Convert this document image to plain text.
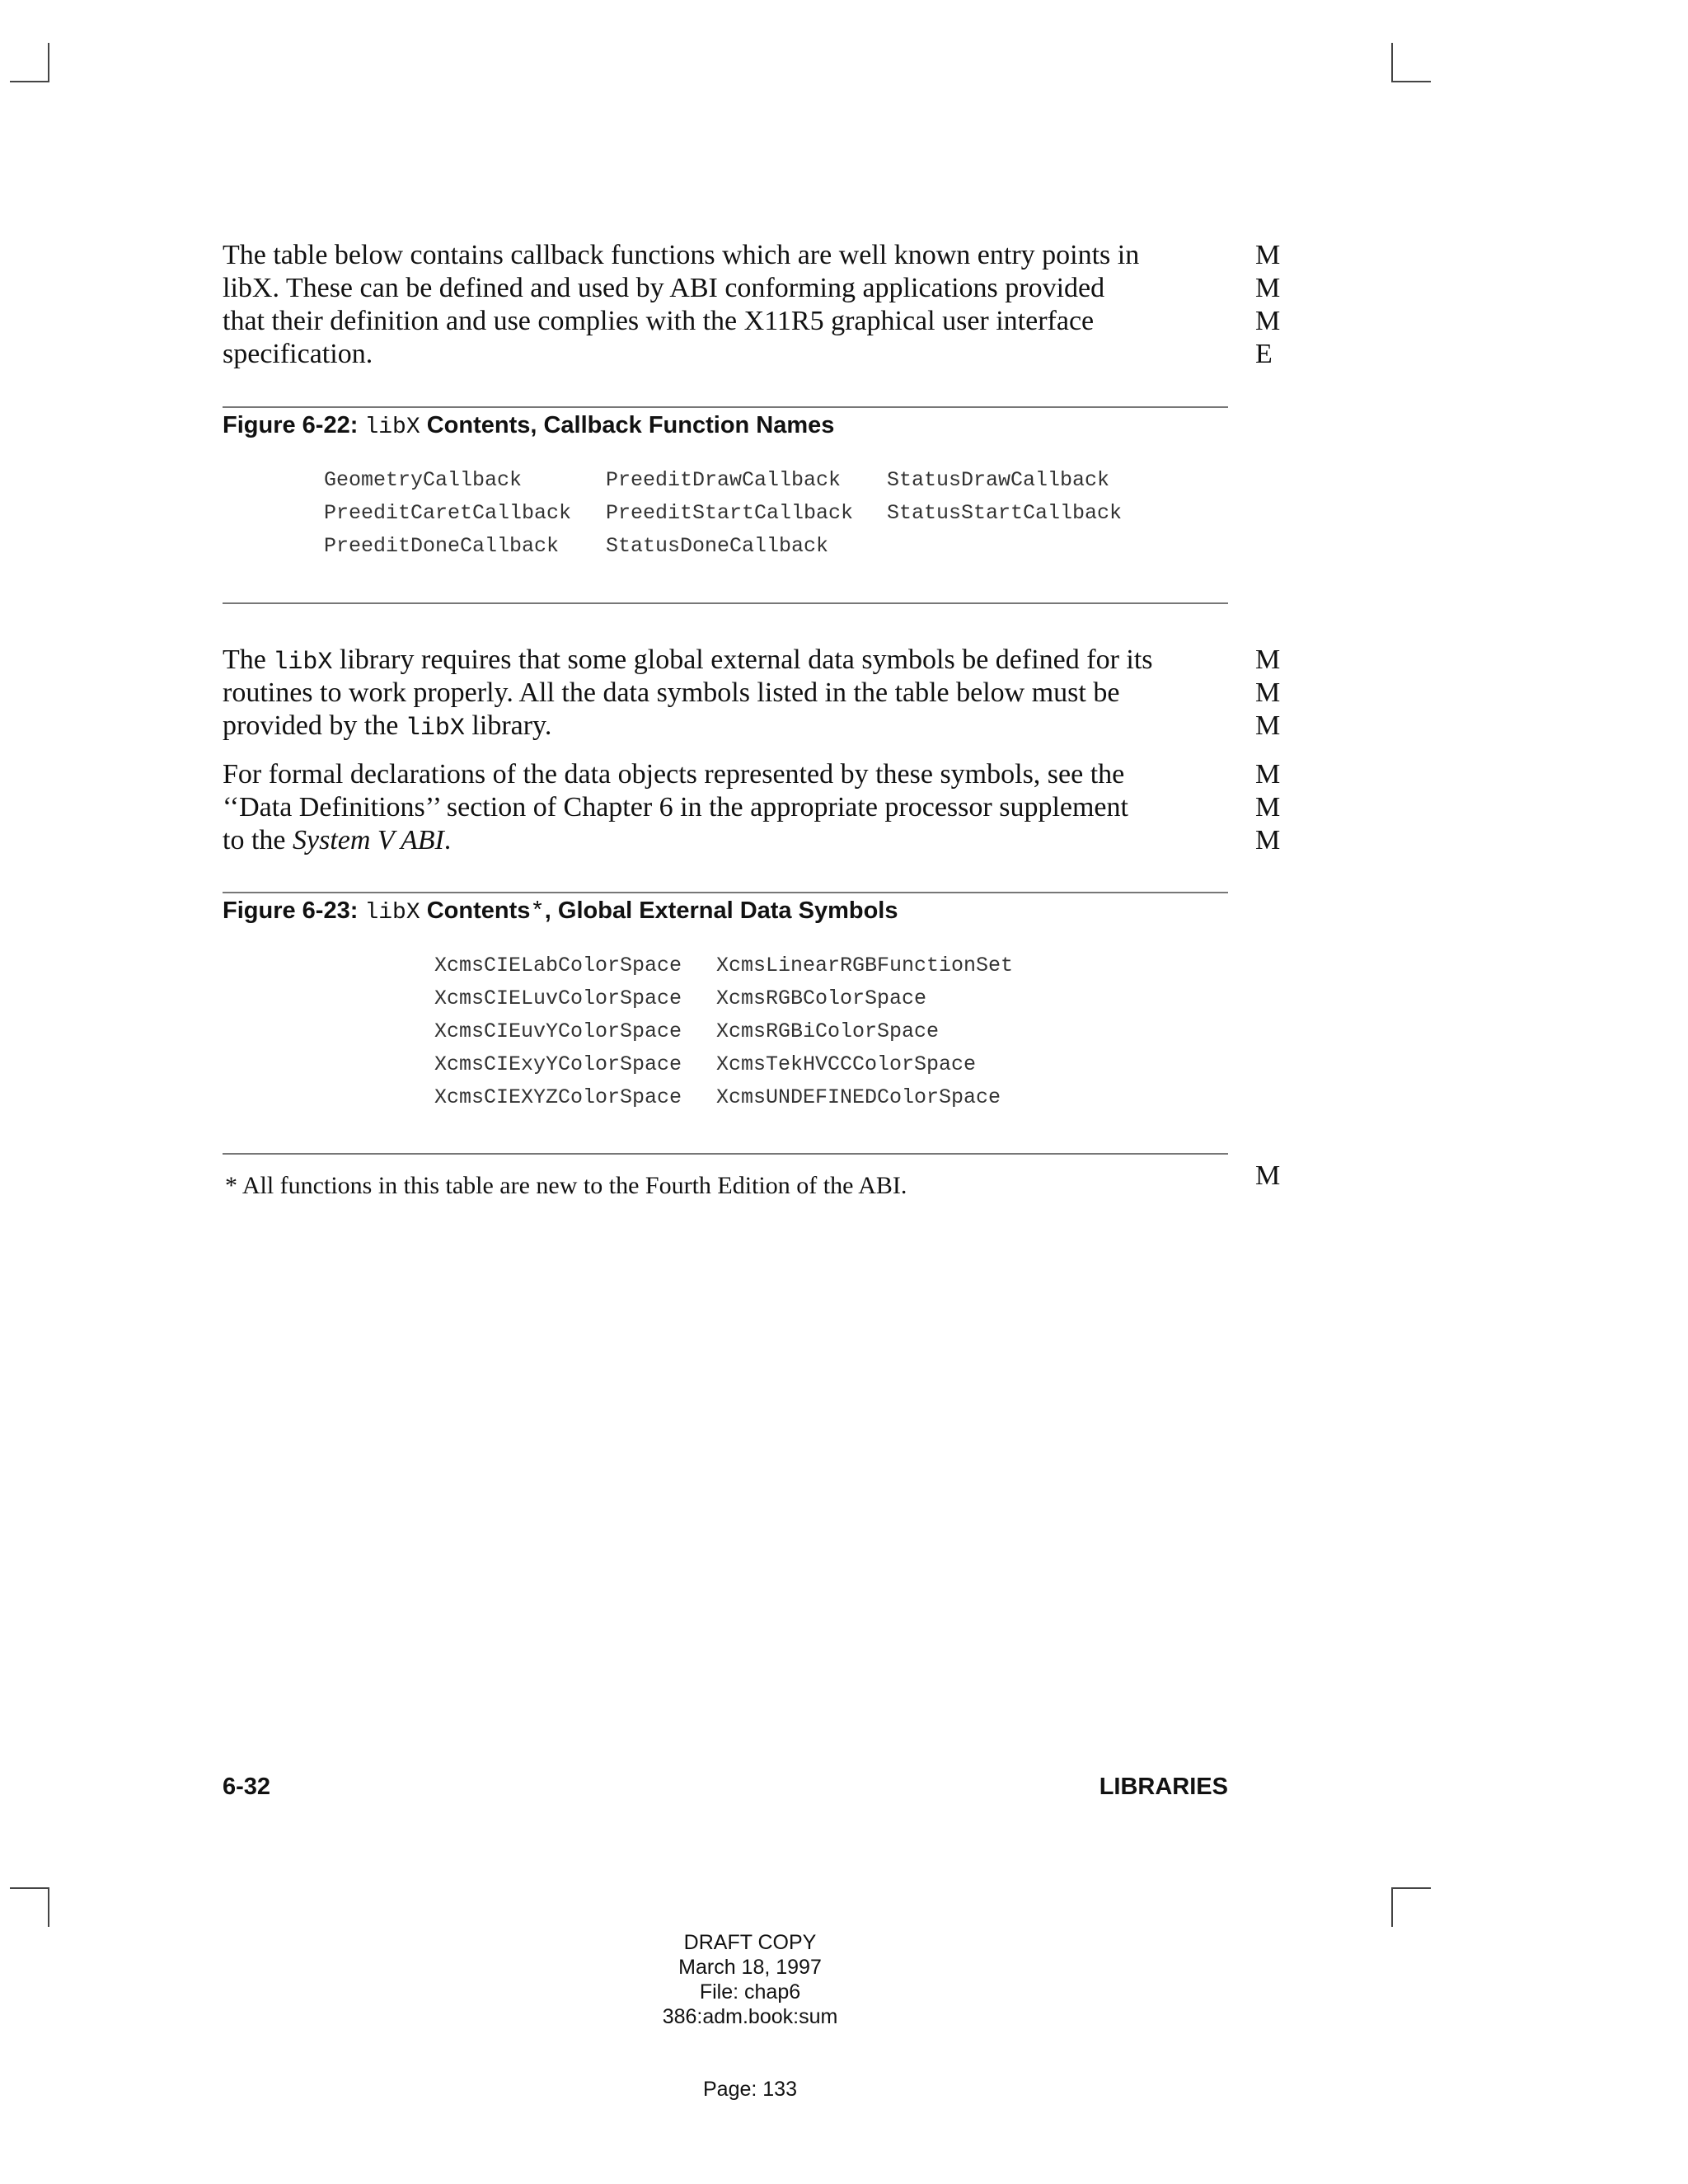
The table below contains callback functions which are well known entry points in
libX. These can be defined and used by ABI conforming applications provided
that their definition and use complies with the X11R5 graphical user interface
specification.
M
M
M
E
Figure 6-22: libX Contents, Callback Function Names
GeometryCallback	PreeditDrawCallback	StatusDrawCallback
PreeditCaretCallback	PreeditStartCallback	StatusStartCallback
PreeditDoneCallback	StatusDoneCallback
The libX library requires that some global external data symbols be defined for its
routines to work properly. All the data symbols listed in the table below must be
provided by the libX library.
M
M
M
For formal declarations of the data objects represented by these symbols, see the
‘‘Data Definitions’’ section of Chapter 6 in the appropriate processor supplement
to the System V ABI.
M
M
M
Figure 6-23: libX Contents*, Global External Data Symbols
XcmsCIELabColorSpace	XcmsLinearRGBFunctionSet
XcmsCIELuvColorSpace	XcmsRGBColorSpace
XcmsCIEuvYColorSpace	XcmsRGBiColorSpace
XcmsCIExyYColorSpace	XcmsTekHVCCColorSpace
XcmsCIEXYZColorSpace	XcmsUNDEFINEDColorSpace
* All functions in this table are new to the Fourth Edition of the ABI.	M
6-32	LIBRARIES
DRAFT COPY
March 18, 1997
File: chap6
386:adm.book:sum
Page: 133
